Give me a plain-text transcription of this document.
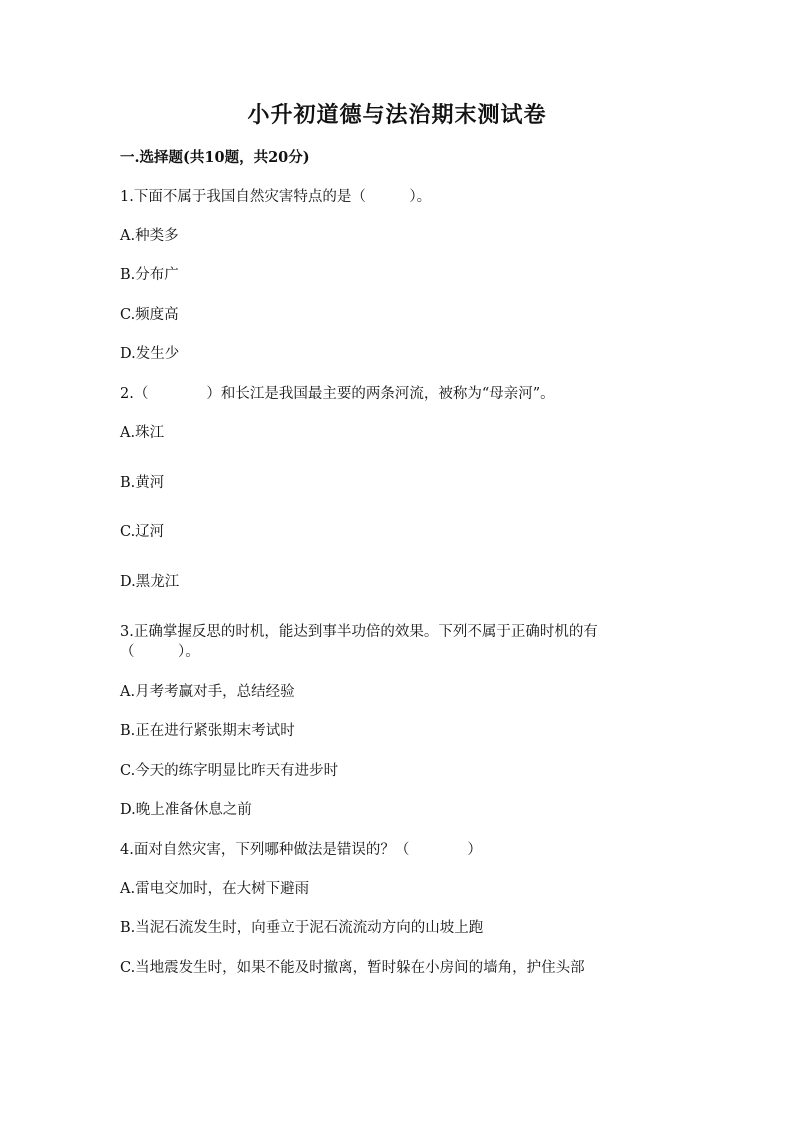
小升初道德与法治期末测试卷
一.选择题(共10题，共20分)
1.下面不属于我国自然灾害特点的是（　　　）。
A.种类多
B.分布广
C.频度高
D.发生少
2.（　　　　）和长江是我国最主要的两条河流，被称为“母亲河”。
A.珠江
B.黄河
C.辽河
D.黑龙江
3.正确掌握反思的时机，能达到事半功倍的效果。下列不属于正确时机的有
（　　　）。
A.月考考赢对手，总结经验
B.正在进行紧张期末考试时
C.今天的练字明显比昨天有进步时
D.晚上准备休息之前
4.面对自然灾害，下列哪种做法是错误的？（　　　　）
A.雷电交加时，在大树下避雨
B.当泥石流发生时，向垂立于泥石流流动方向的山坡上跑
C.当地震发生时，如果不能及时撤离，暂时躲在小房间的墙角，护住头部
